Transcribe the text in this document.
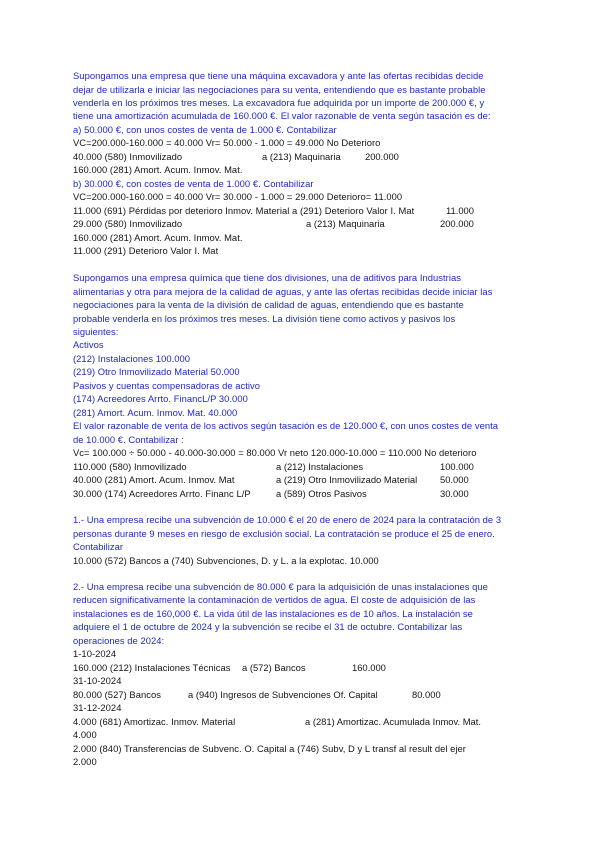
Supongamos una empresa que tiene una máquina excavadora y ante las ofertas recibidas decide
dejar de utilizarla e iniciar las negociaciones para su venta, entendiendo que es bastante probable
venderla en los próximos tres meses. La excavadora fue adquirida por un importe de 200.000 €, y
tiene una amortización acumulada de 160.000 €. El valor razonable de venta según tasación es de:
a) 50.000 €, con unos costes de venta de 1.000 €. Contabilizar
VC=200.000-160.000 = 40.000 Vr= 50.000 - 1.000 = 49.000 No Deterioro
40.000 (580) Inmovilizado	a (213) Maquinaria	200.000
160.000 (281) Amort. Acum. Inmov. Mat.
b) 30.000 €, con costes de venta de 1.000 €. Contabilizar
VC=200.000-160.000 = 40.000 Vr= 30.000 - 1.000 = 29.000 Deterioro= 11.000
11.000 (691) Pérdidas por deterioro Inmov. Material a (291) Deterioro Valor I. Mat	11.000
29.000 (580) Inmovilizado	a (213) Maquinaria	200.000
160.000 (281) Amort. Acum. Inmov. Mat.
11.000 (291) Deterioro Valor I. Mat
Supongamos una empresa química que tiene dos divisiones, una de aditivos para Industrias
alimentarias y otra para mejora de la calidad de aguas, y ante las ofertas recibidas decide iniciar las
negociaciones para la venta de la división de calidad de aguas, entendiendo que es bastante
probable venderla en los próximos tres meses. La división tiene como activos y pasivos los
siguientes:
Activos
(212) Instalaciones 100.000
(219) Otro Inmovilizado Material 50.000
Pasivos y cuentas compensadoras de activo
(174) Acreedores Arrto. FinancL/P 30.000
(281) Amort. Acum. Inmov. Mat. 40.000
El valor razonable de venta de los activos según tasación es de 120.000 €, con unos costes de venta
de 10.000 €. Contabilizar :
Vc= 100.000 ÷ 50.000 - 40.000-30.000 = 80.000 Vr neto 120.000-10.000 = 110.000 No deterioro
110.000 (580) Inmovilizado	a (212) Instalaciones	100.000
40.000 (281) Amort. Acum. Inmov. Mat	a (219) Otro Inmovilizado Material 50.000
30.000 (174) Acreedores Arrto. Financ L/P	a (589) Otros Pasivos	30.000
1.- Una empresa recibe una subvención de 10.000 € el 20 de enero de 2024 para la contratación de 3
personas durante 9 meses en riesgo de exclusión social. La contratación se produce el 25 de enero.
Contabilizar
10.000 (572) Bancos a (740) Subvenciones, D. y L. a la explotac. 10.000
2.- Una empresa recibe una subvención de 80.000 € para la adquisición de unas instalaciones que
reducen significativamente la contaminación de vertidos de agua. El coste de adquisición de las
instalaciones es de 160,000 €. La vida útil de las instalaciones es de 10 años. La instalación se
adquiere el 1 de octubre de 2024 y la subvención se recibe el 31 de octubre. Contabilizar las
operaciones de 2024:
1-10-2024
160.000 (212) Instalaciones Técnicas a (572) Bancos	160.000
31-10-2024
80.000 (527) Bancos	a (940) Ingresos de Subvenciones Of. Capital	80.000
31-12-2024
4.000 (681) Amortizac. Inmov. Material	a (281) Amortizac. Acumulada Inmov. Mat.
4.000
2.000 (840) Transferencias de Subvenc. O. Capital a (746) Subv, D y L transf al result del ejer
2.000
